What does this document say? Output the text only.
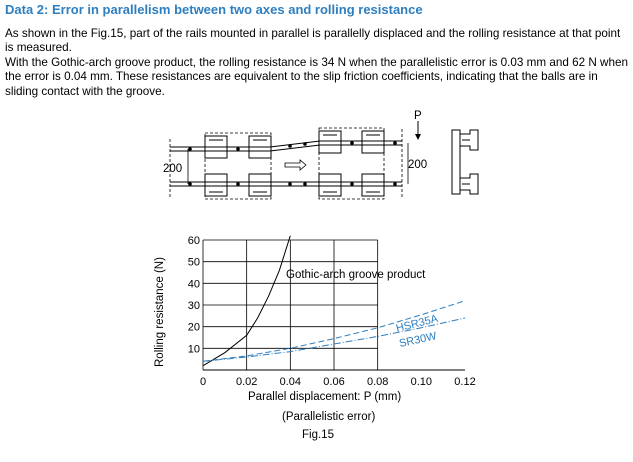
Data 2: Error in parallelism between two axes and rolling resistance

As shown in the Fig.15, part of the rails mounted in parallel is parallelly displaced and the rolling resistance at that point is measured.

With the Gothic-arch groove product, the rolling resistance is 34 N when the parallelistic error is 0.03 mm and 62 N when the error is 0.04 mm. These resistances are equivalent to the slip friction coefficients, indicating that the balls are in sliding contact with the groove.

P
200	200
0	0.02 0.04 0.06 0.08 0.10 0.12
10
20
30
40
50
60
Rolling resistance (N)
Parallel displacement: P (mm)
(Parallelistic error)
Fig.15
Gothic-arch groove product
HSR35A
SR30W
